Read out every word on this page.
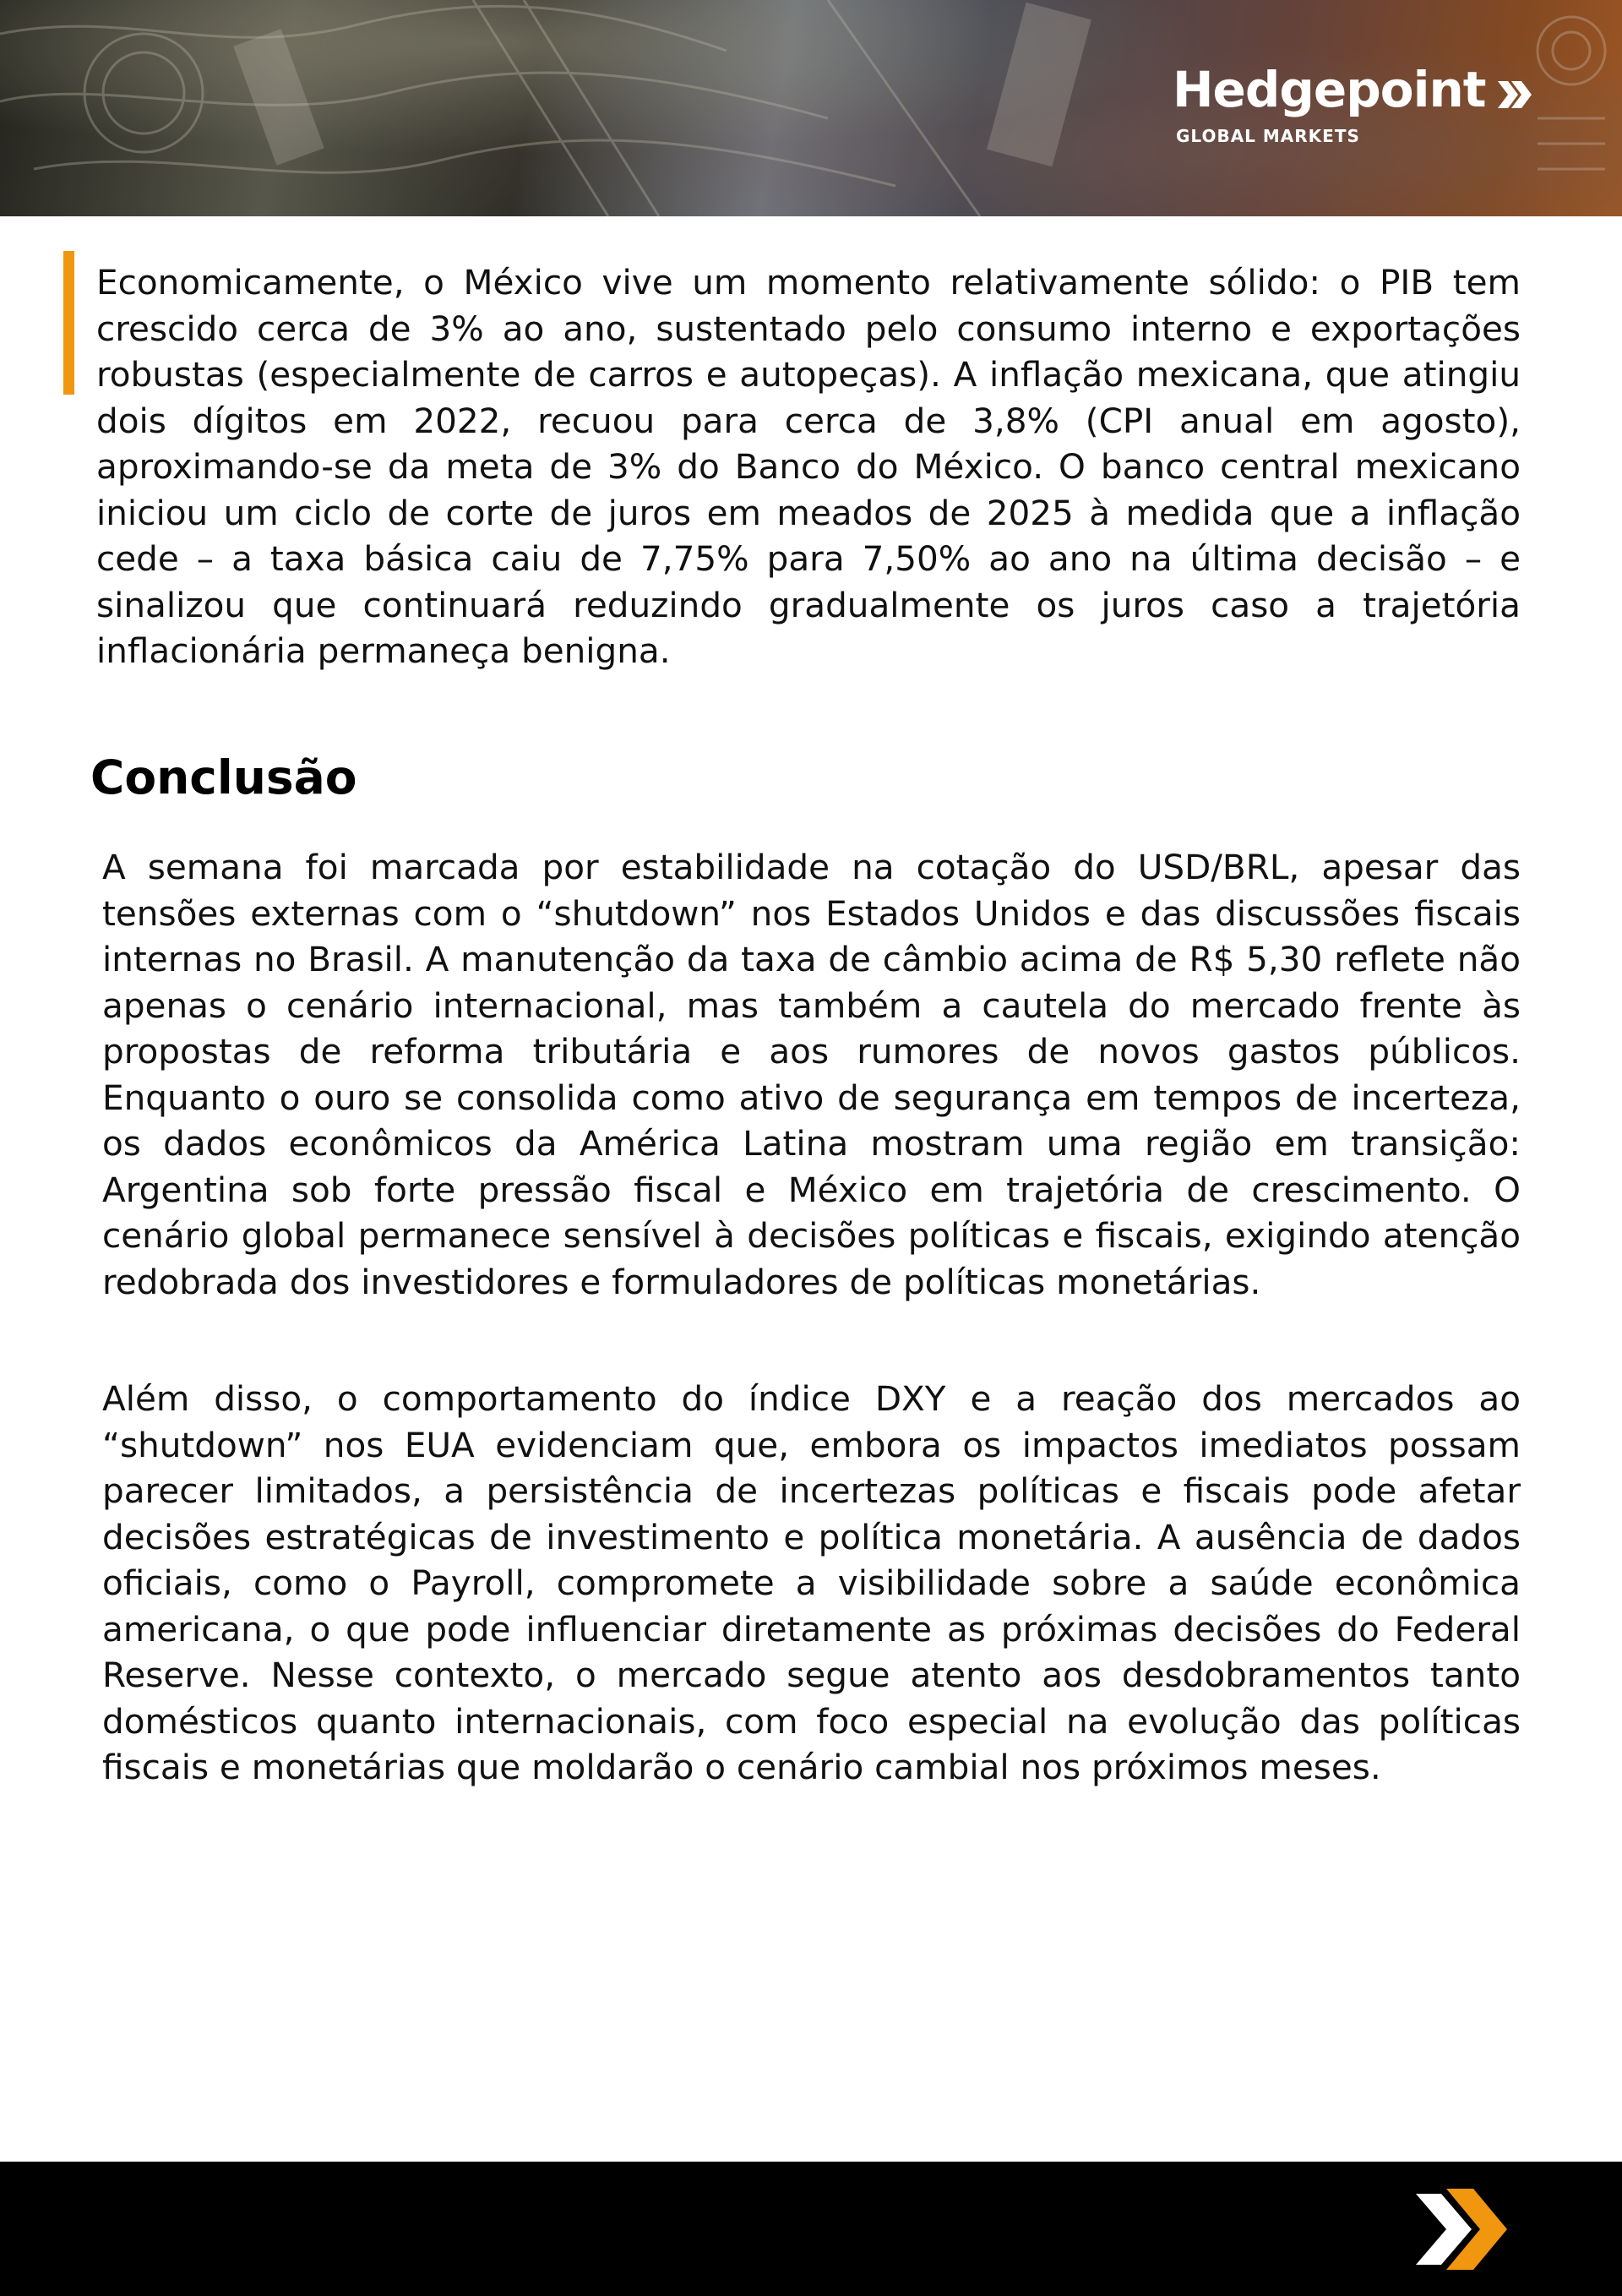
Hedgepoint
GLOBAL MARKETS

Economicamente, o México vive um momento relativamente sólido: o PIB tem crescido cerca de 3% ao ano, sustentado pelo consumo interno e exportações robustas (especialmente de carros e autopeças). A inflação mexicana, que atingiu dois dígitos em 2022, recuou para cerca de 3,8% (CPI anual em agosto), aproximando-se da meta de 3% do Banco do México. O banco central mexicano iniciou um ciclo de corte de juros em meados de 2025 à medida que a inflação cede – a taxa básica caiu de 7,75% para 7,50% ao ano na última decisão – e sinalizou que continuará reduzindo gradualmente os juros caso a trajetória inflacionária permaneça benigna.

Conclusão

A semana foi marcada por estabilidade na cotação do USD/BRL, apesar das tensões externas com o “shutdown” nos Estados Unidos e das discussões fiscais internas no Brasil. A manutenção da taxa de câmbio acima de R$ 5,30 reflete não apenas o cenário internacional, mas também a cautela do mercado frente às propostas de reforma tributária e aos rumores de novos gastos públicos. Enquanto o ouro se consolida como ativo de segurança em tempos de incerteza, os dados econômicos da América Latina mostram uma região em transição: Argentina sob forte pressão fiscal e México em trajetória de crescimento. O cenário global permanece sensível à decisões políticas e fiscais, exigindo atenção redobrada dos investidores e formuladores de políticas monetárias.

Além disso, o comportamento do índice DXY e a reação dos mercados ao “shutdown” nos EUA evidenciam que, embora os impactos imediatos possam parecer limitados, a persistência de incertezas políticas e fiscais pode afetar decisões estratégicas de investimento e política monetária. A ausência de dados oficiais, como o Payroll, compromete a visibilidade sobre a saúde econômica americana, o que pode influenciar diretamente as próximas decisões do Federal Reserve. Nesse contexto, o mercado segue atento aos desdobramentos tanto domésticos quanto internacionais, com foco especial na evolução das políticas fiscais e monetárias que moldarão o cenário cambial nos próximos meses.
